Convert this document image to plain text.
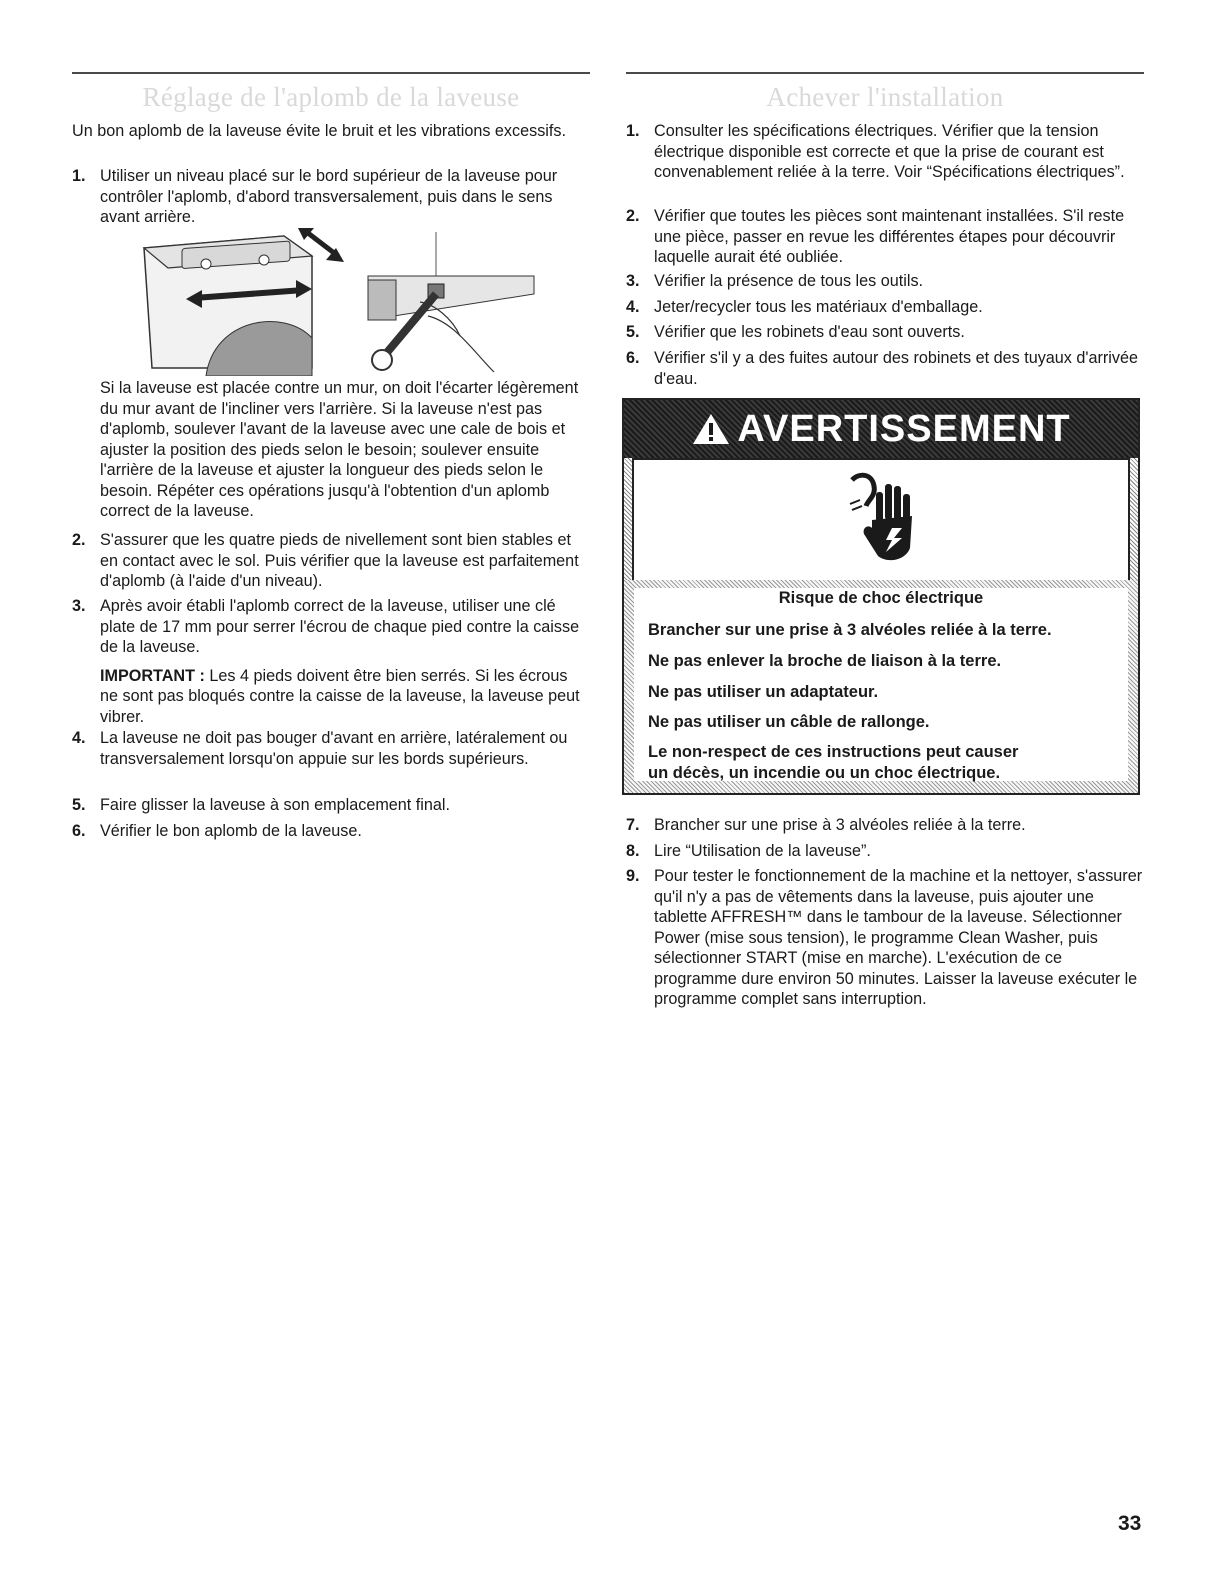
Réglage de l'aplomb de la laveuse
Un bon aplomb de la laveuse évite le bruit et les vibrations excessifs.
1. Utiliser un niveau placé sur le bord supérieur de la laveuse pour contrôler l'aplomb, d'abord transversalement, puis dans le sens avant arrière.
Si la laveuse est placée contre un mur, on doit l'écarter légèrement du mur avant de l'incliner vers l'arrière. Si la laveuse n'est pas d'aplomb, soulever l'avant de la laveuse avec une cale de bois et ajuster la position des pieds selon le besoin; soulever ensuite l'arrière de la laveuse et ajuster la longueur des pieds selon le besoin. Répéter ces opérations jusqu'à l'obtention d'un aplomb correct de la laveuse.
2. S'assurer que les quatre pieds de nivellement sont bien stables et en contact avec le sol. Puis vérifier que la laveuse est parfaitement d'aplomb (à l'aide d'un niveau).
3. Après avoir établi l'aplomb correct de la laveuse, utiliser une clé plate de 17 mm pour serrer l'écrou de chaque pied contre la caisse de la laveuse.

IMPORTANT : Les 4 pieds doivent être bien serrés. Si les écrous ne sont pas bloqués contre la caisse de la laveuse, la laveuse peut vibrer.

4. La laveuse ne doit pas bouger d'avant en arrière, latéralement ou transversalement lorsqu'on appuie sur les bords supérieurs.
5. Faire glisser la laveuse à son emplacement final.
6. Vérifier le bon aplomb de la laveuse.
Achever l'installation
1. Consulter les spécifications électriques. Vérifier que la tension électrique disponible est correcte et que la prise de courant est convenablement reliée à la terre. Voir “Spécifications électriques”.
2. Vérifier que toutes les pièces sont maintenant installées. S'il reste une pièce, passer en revue les différentes étapes pour découvrir laquelle aurait été oubliée.
3. Vérifier la présence de tous les outils.
4. Jeter/recycler tous les matériaux d'emballage.
5. Vérifier que les robinets d'eau sont ouverts.
6. Vérifier s'il y a des fuites autour des robinets et des tuyaux d'arrivée d'eau.
7. Brancher sur une prise à 3 alvéoles reliée à la terre.
8. Lire “Utilisation de la laveuse”.
9. Pour tester le fonctionnement de la machine et la nettoyer, s'assurer qu'il n'y a pas de vêtements dans la laveuse, puis ajouter une tablette AFFRESH™ dans le tambour de la laveuse. Sélectionner Power (mise sous tension), le programme Clean Washer, puis sélectionner START (mise en marche). L'exécution de ce programme dure environ 50 minutes. Laisser la laveuse exécuter le programme complet sans interruption.
AVERTISSEMENT
Risque de choc électrique
Brancher sur une prise à 3 alvéoles reliée à la terre.
Ne pas enlever la broche de liaison à la terre.
Ne pas utiliser un adaptateur.
Ne pas utiliser un câble de rallonge.
Le non-respect de ces instructions peut causer
un décès, un incendie ou un choc électrique.
33
